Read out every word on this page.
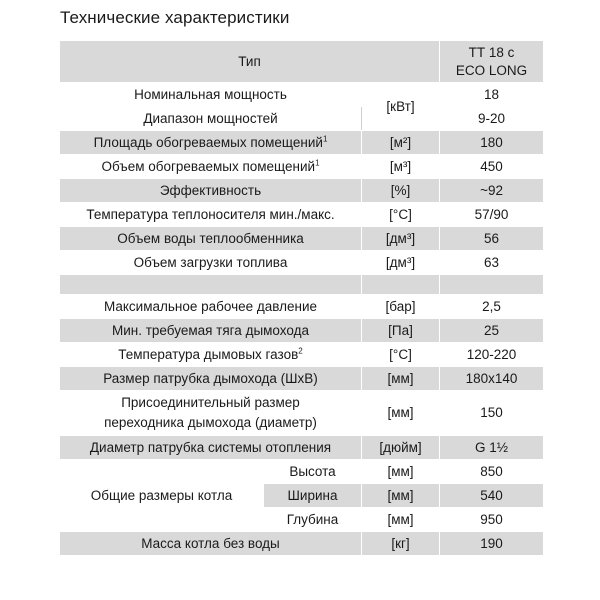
Технические характеристики
Тип			ТТ 18 с
ECO LONG

Номинальная мощность		[кВт]	18
Диапазон мощностей			9-20
Площадь обогреваемых помещений$^1$		[м²]	180
Объем обогреваемых помещений$^1$		[м³]	450
Эффективность		[%]	~92
Температура теплоносителя мин./макс.		[°C]	57/90
Объем воды теплообменника		[дм³]	56
Объем загрузки топлива		[дм³]	63

Максимальное рабочее давление		[бар]	2,5
Мин. требуемая тяга дымохода		[Па]	25
Температура дымовых газов$^2$		[°C]	120-220
Размер патрубка дымохода (ШхВ)		[мм]	180x140

Присоединительный размер
переходника дымохода (диаметр)		[мм]	150
Диаметр патрубка системы отопления		[дюйм]	G 1½
Общие размеры котла	Высота	[мм]	850
	Ширина	[мм]	540
	Глубина	[мм]	950
Масса котла без воды		[кг]	190
